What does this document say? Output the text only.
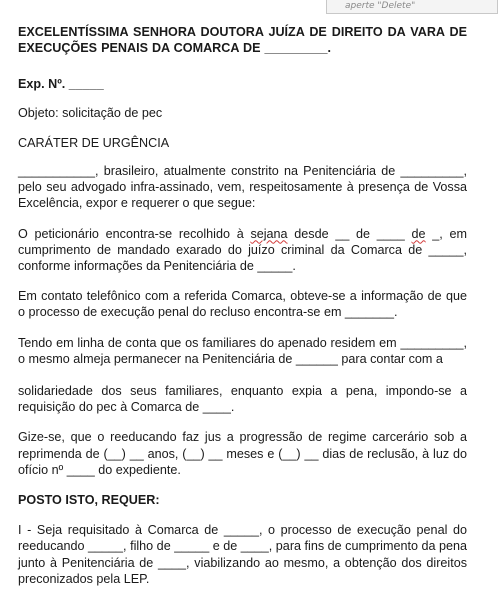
aperte "Delete"

EXCELENTÍSSIMA SENHORA DOUTORA JUÍZA DE DIREITO DA VARA DE EXECUÇÕES PENAIS DA COMARCA DE _________.

Exp. Nº. _____

Objeto: solicitação de pec

CARÁTER DE URGÊNCIA

___________, brasileiro, atualmente constrito na Penitenciária de _________, pelo seu advogado infra-assinado, vem, respeitosamente à presença de Vossa Excelência, expor e requerer o que segue:

O peticionário encontra-se recolhido à sejana desde __ de ____ de _, em cumprimento de mandado exarado do juízo criminal da Comarca de _____, conforme informações da Penitenciária de _____.

Em contato telefônico com a referida Comarca, obteve-se a informação de que o processo de execução penal do recluso encontra-se em _______.

Tendo em linha de conta que os familiares do apenado residem em _________, o mesmo almeja permanecer na Penitenciária de ______ para contar com a

solidariedade dos seus familiares, enquanto expia a pena, impondo-se a requisição do pec à Comarca de ____.

Gize-se, que o reeducando faz jus a progressão de regime carcerário sob a reprimenda de (__) __ anos, (__) __ meses e (__) __ dias de reclusão, à luz do ofício nº ____ do expediente.

POSTO ISTO, REQUER:

I - Seja requisitado à Comarca de _____, o processo de execução penal do reeducando _____, filho de _____ e de ____, para fins de cumprimento da pena junto à Penitenciária de ____, viabilizando ao mesmo, a obtenção dos direitos preconizados pela LEP.
